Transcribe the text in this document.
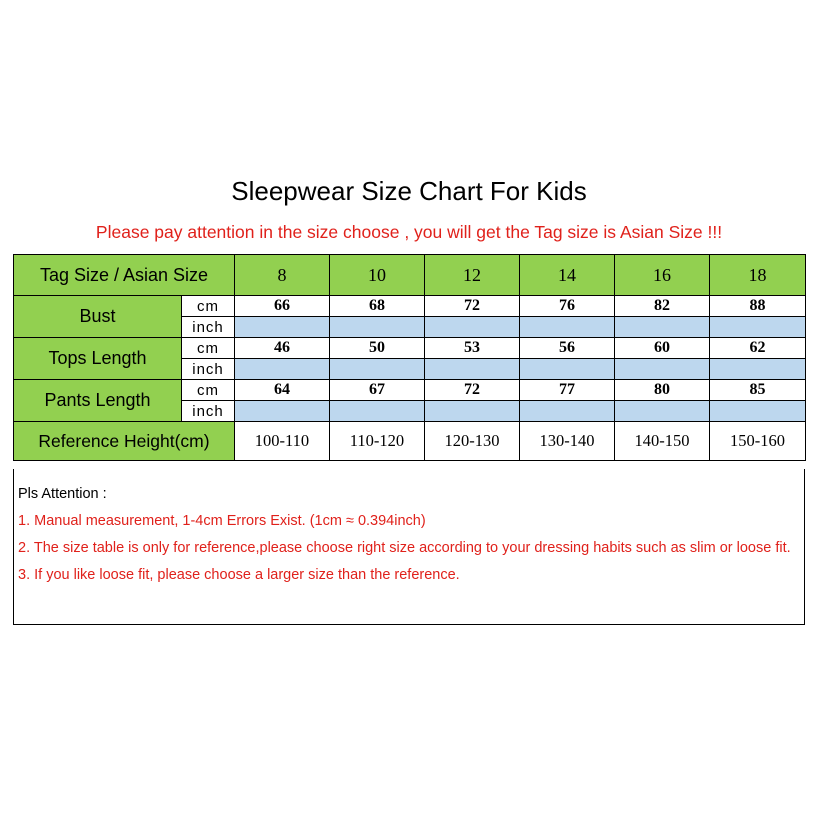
Sleepwear Size Chart For Kids
Please pay attention in the size choose , you will get the Tag size is Asian Size !!!
Tag Size / Asian Size		8	10	12	14	16	18
Bust	cm	66	68	72	76	82	88
	inch						
Tops Length	cm	46	50	53	56	60	62
	inch						
Pants Length	cm	64	67	72	77	80	85
	inch						
Reference Height(cm)		100-110	110-120	120-130	130-140	140-150	150-160
Pls Attention :
1. Manual measurement, 1-4cm Errors Exist. (1cm ≈ 0.394inch)
2. The size table is only for reference,please choose right size according to your dressing habits such as slim or loose fit.
3. If you like loose fit, please choose a larger size than the reference.
